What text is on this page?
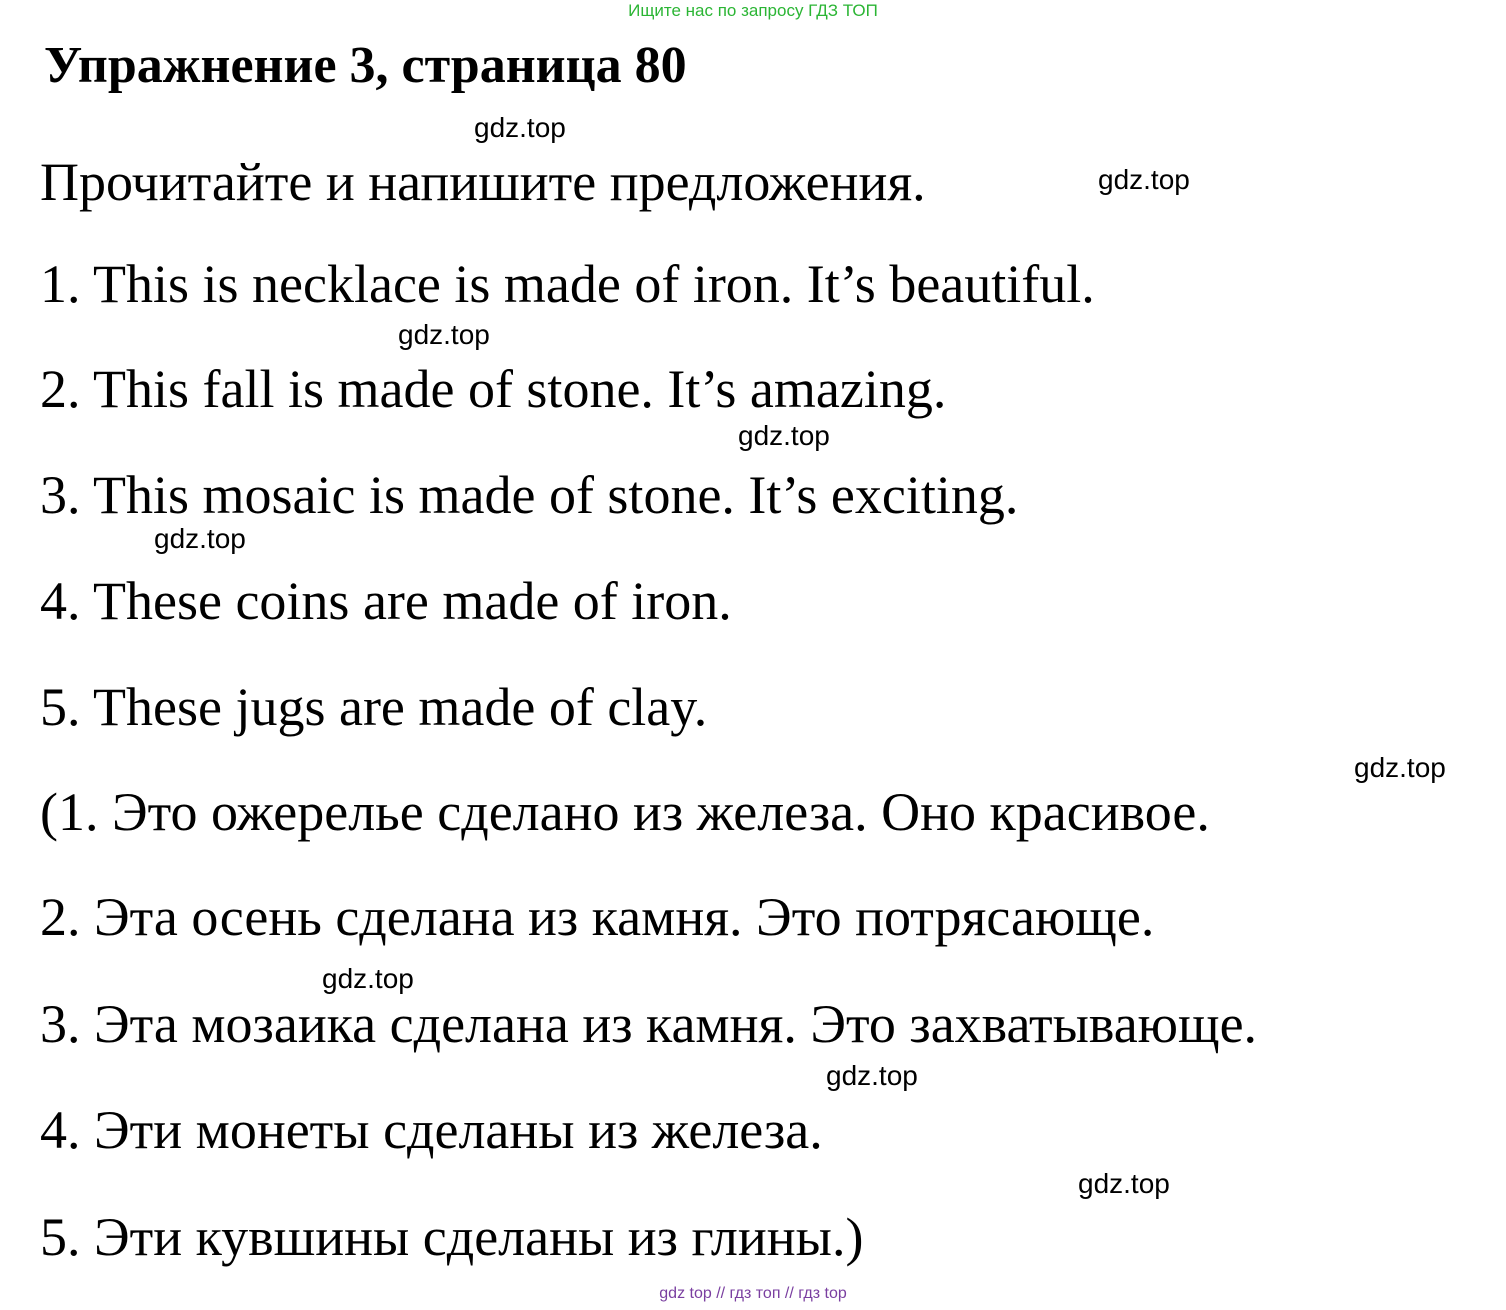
Ищите нас по запросу ГДЗ ТОП
Упражнение 3, страница 80
Прочитайте и напишите предложения.
1. This is necklace is made of iron. It’s beautiful.
2. This fall is made of stone. It’s amazing.
3. This mosaic is made of stone. It’s exciting.
4. These coins are made of iron.
5. These jugs are made of clay.
(1. Это ожерелье сделано из железа. Оно красивое.
2. Эта осень сделана из камня. Это потрясающе.
3. Эта мозаика сделана из камня. Это захватывающе.
4. Эти монеты сделаны из железа.
5. Эти кувшины сделаны из глины.)
gdz.top
gdz.top
gdz.top
gdz.top
gdz.top
gdz.top
gdz.top
gdz.top
gdz.top
gdz top // гдз топ // гдз top
